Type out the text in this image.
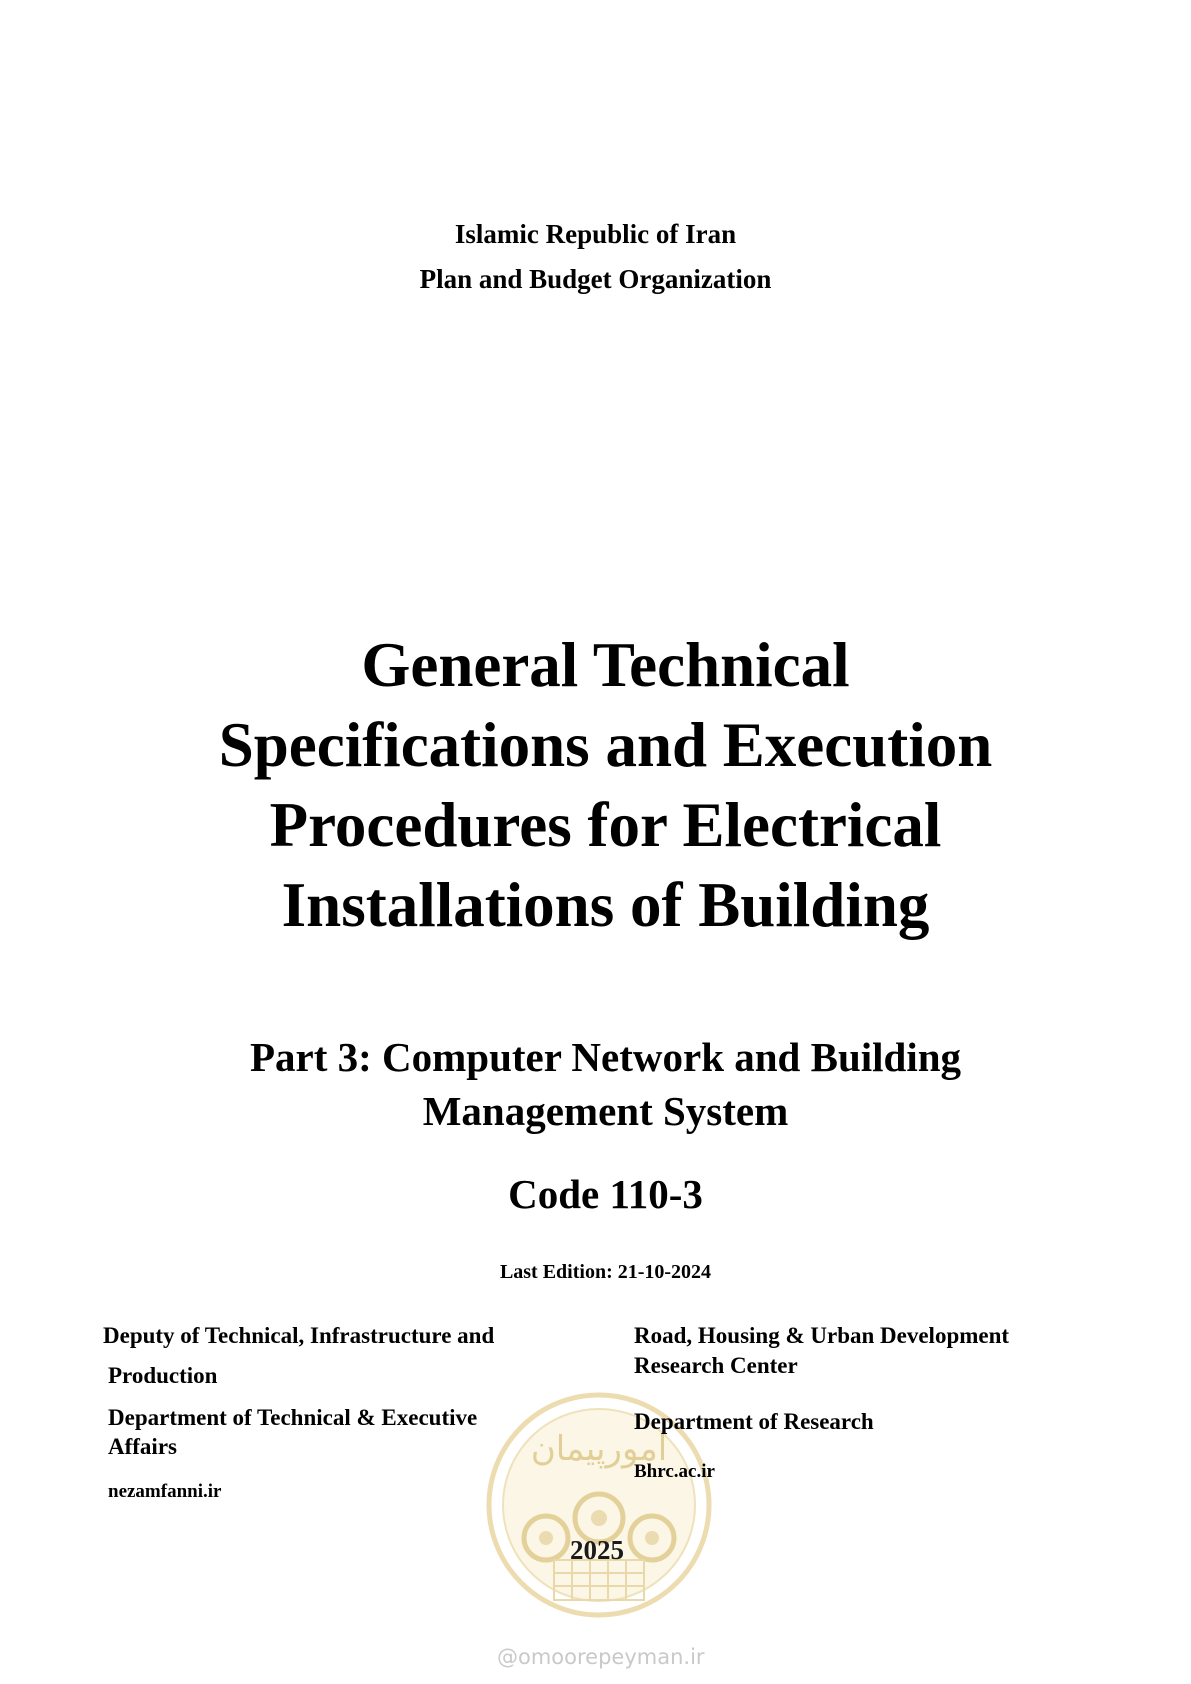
Islamic Republic of Iran
Plan and Budget Organization
General Technical
Specifications and Execution
Procedures for Electrical
Installations of Building
Part 3: Computer Network and Building
Management System
Code 110-3
Last Edition: 21-10-2024
امورپیمان
Deputy of Technical, Infrastructure and
Production
Department of Technical & Executive
Affairs
nezamfanni.ir
Road, Housing & Urban Development
Research Center
Department of Research
Bhrc.ac.ir
2025
@omoorepeyman.ir
